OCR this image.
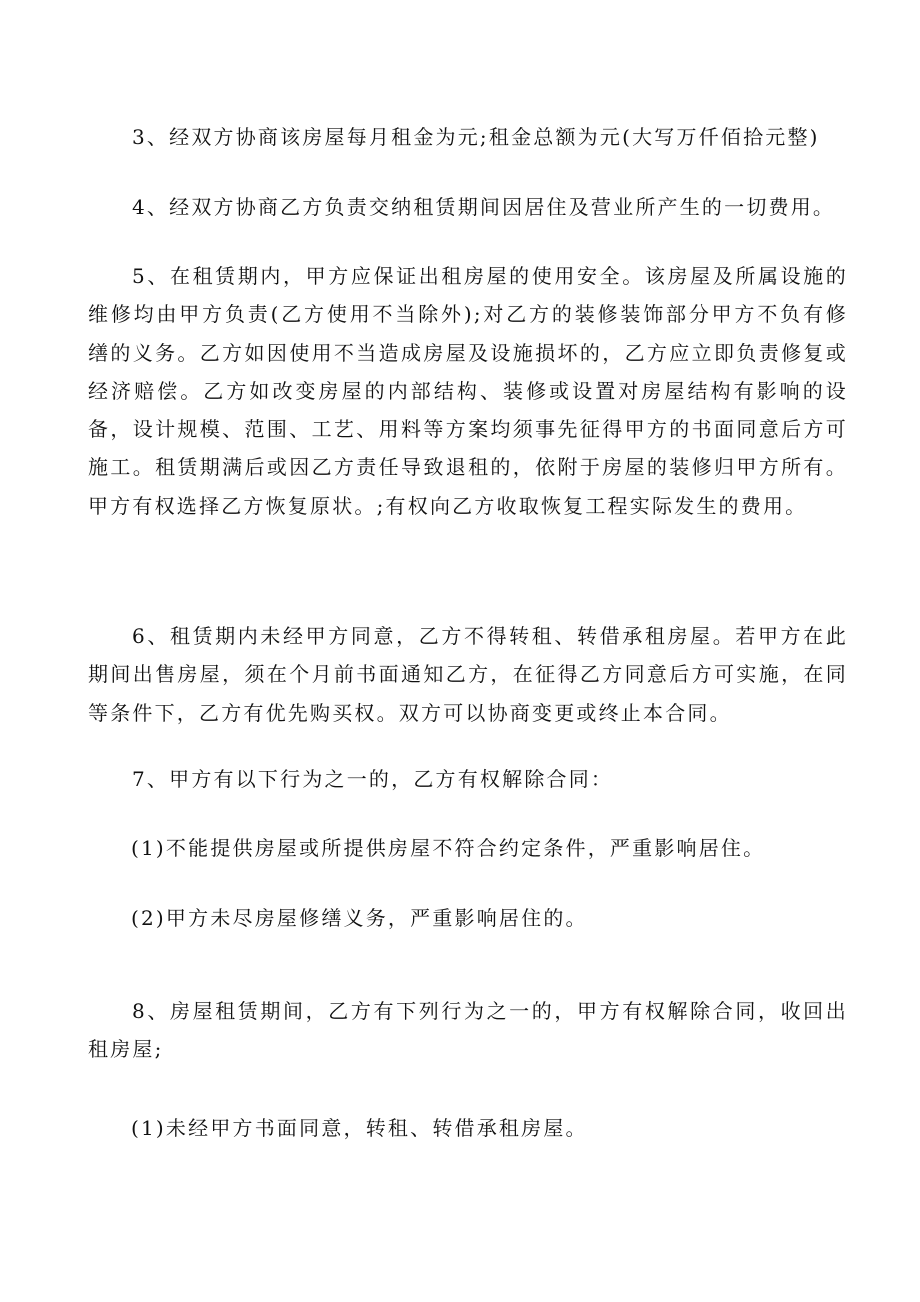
3、经双方协商该房屋每月租金为元;租金总额为元(大写万仟佰拾元整)

4、经双方协商乙方负责交纳租赁期间因居住及营业所产生的一切费用。

5、在租赁期内，甲方应保证出租房屋的使用安全。该房屋及所属设施的维修均由甲方负责(乙方使用不当除外);对乙方的装修装饰部分甲方不负有修缮的义务。乙方如因使用不当造成房屋及设施损坏的，乙方应立即负责修复或经济赔偿。乙方如改变房屋的内部结构、装修或设置对房屋结构有影响的设备，设计规模、范围、工艺、用料等方案均须事先征得甲方的书面同意后方可施工。租赁期满后或因乙方责任导致退租的，依附于房屋的装修归甲方所有。甲方有权选择乙方恢复原状。;有权向乙方收取恢复工程实际发生的费用。

6、租赁期内未经甲方同意，乙方不得转租、转借承租房屋。若甲方在此期间出售房屋，须在个月前书面通知乙方，在征得乙方同意后方可实施，在同等条件下，乙方有优先购买权。双方可以协商变更或终止本合同。

7、甲方有以下行为之一的，乙方有权解除合同：

(1)不能提供房屋或所提供房屋不符合约定条件，严重影响居住。

(2)甲方未尽房屋修缮义务，严重影响居住的。

8、房屋租赁期间，乙方有下列行为之一的，甲方有权解除合同，收回出租房屋;

(1)未经甲方书面同意，转租、转借承租房屋。
